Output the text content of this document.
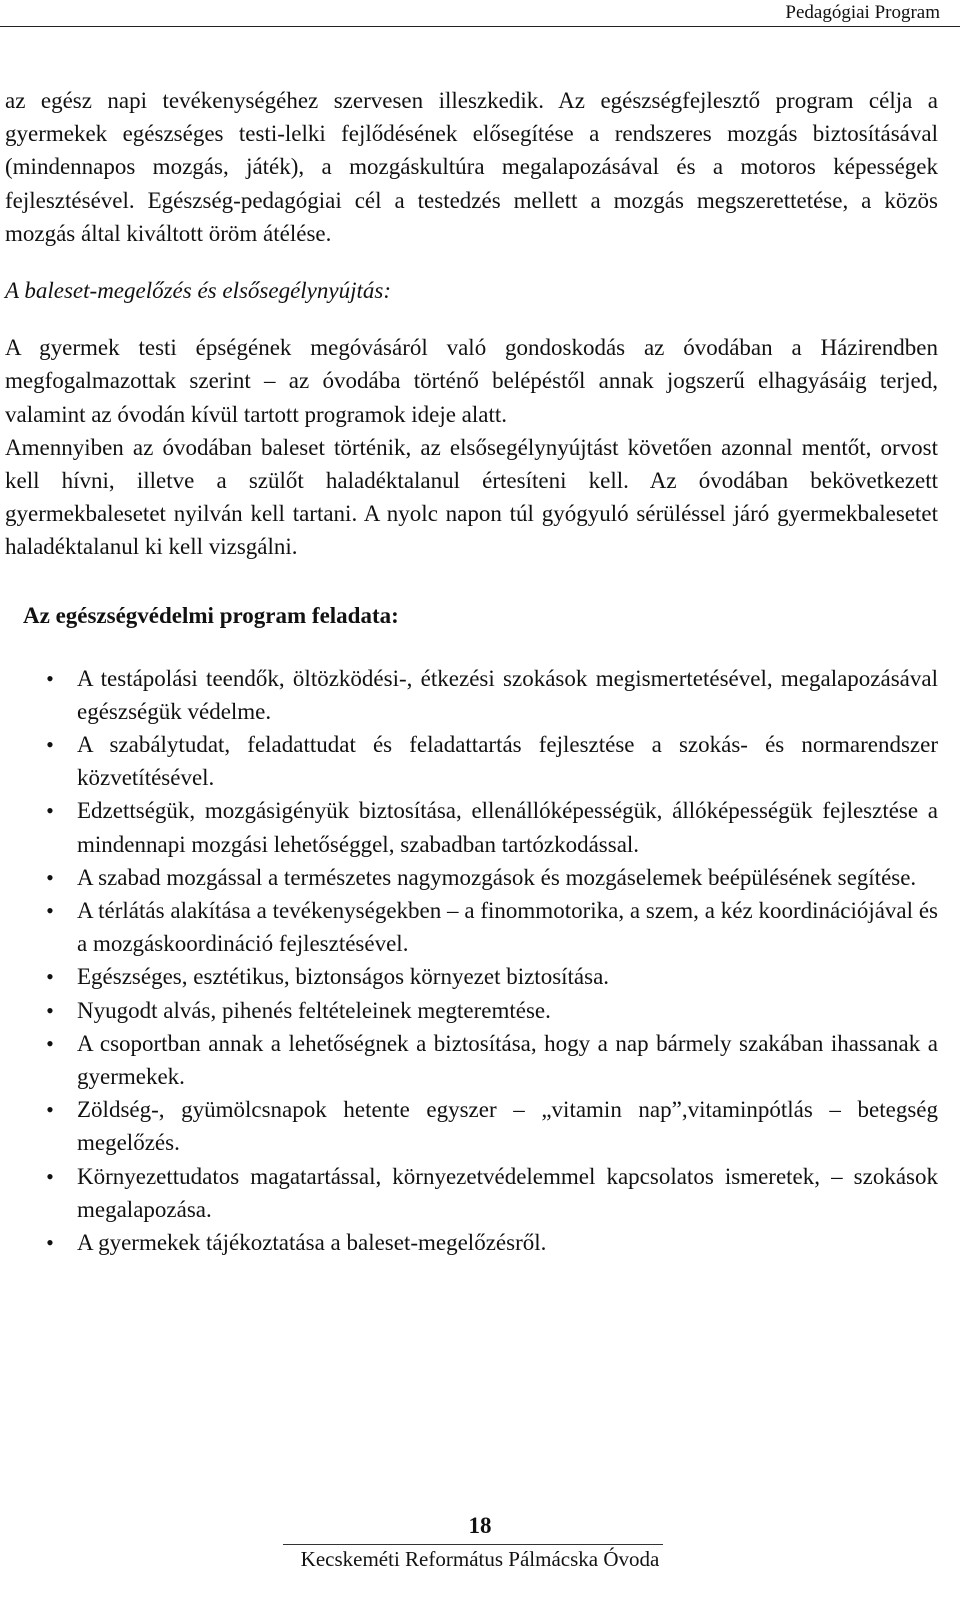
Pedagógiai Program

az egész napi tevékenységéhez szervesen illeszkedik. Az egészségfejlesztő program célja a gyermekek egészséges testi-lelki fejlődésének elősegítése a rendszeres mozgás biztosításával (mindennapos mozgás, játék), a mozgáskultúra megalapozásával és a motoros képességek fejlesztésével. Egészség-pedagógiai cél a testedzés mellett a mozgás megszerettetése, a közös mozgás által kiváltott öröm átélése.

A baleset-megelőzés és elsősegélynyújtás:

A gyermek testi épségének megóvásáról való gondoskodás az óvodában a Házirendben megfogalmazottak szerint – az óvodába történő belépéstől annak jogszerű elhagyásáig terjed, valamint az óvodán kívül tartott programok ideje alatt.

Amennyiben az óvodában baleset történik, az elsősegélynyújtást követően azonnal mentőt, orvost kell hívni, illetve a szülőt haladéktalanul értesíteni kell. Az óvodában bekövetkezett gyermekbalesetet nyilván kell tartani. A nyolc napon túl gyógyuló sérüléssel járó gyermekbalesetet haladéktalanul ki kell vizsgálni.

Az egészségvédelmi program feladata:
• A testápolási teendők, öltözködési-, étkezési szokások megismertetésével, megalapozásával egészségük védelme.
• A szabálytudat, feladattudat és feladattartás fejlesztése a szokás- és normarendszer közvetítésével.
• Edzettségük, mozgásigényük biztosítása, ellenállóképességük, állóképességük fejlesztése a mindennapi mozgási lehetőséggel, szabadban tartózkodással.
• A szabad mozgással a természetes nagymozgások és mozgáselemek beépülésének segítése.
• A térlátás alakítása a tevékenységekben – a finommotorika, a szem, a kéz koordinációjával és a mozgáskoordináció fejlesztésével.
• Egészséges, esztétikus, biztonságos környezet biztosítása.
• Nyugodt alvás, pihenés feltételeinek megteremtése.
• A csoportban annak a lehetőségnek a biztosítása, hogy a nap bármely szakában ihassanak a gyermekek.
• Zöldség-, gyümölcsnapok hetente egyszer – „vitamin nap”,vitaminpótlás – betegség megelőzés.
• Környezettudatos magatartással, környezetvédelemmel kapcsolatos ismeretek, – szokások megalapozása.
• A gyermekek tájékoztatása a baleset-megelőzésről.
18
Kecskeméti Református Pálmácska Óvoda
